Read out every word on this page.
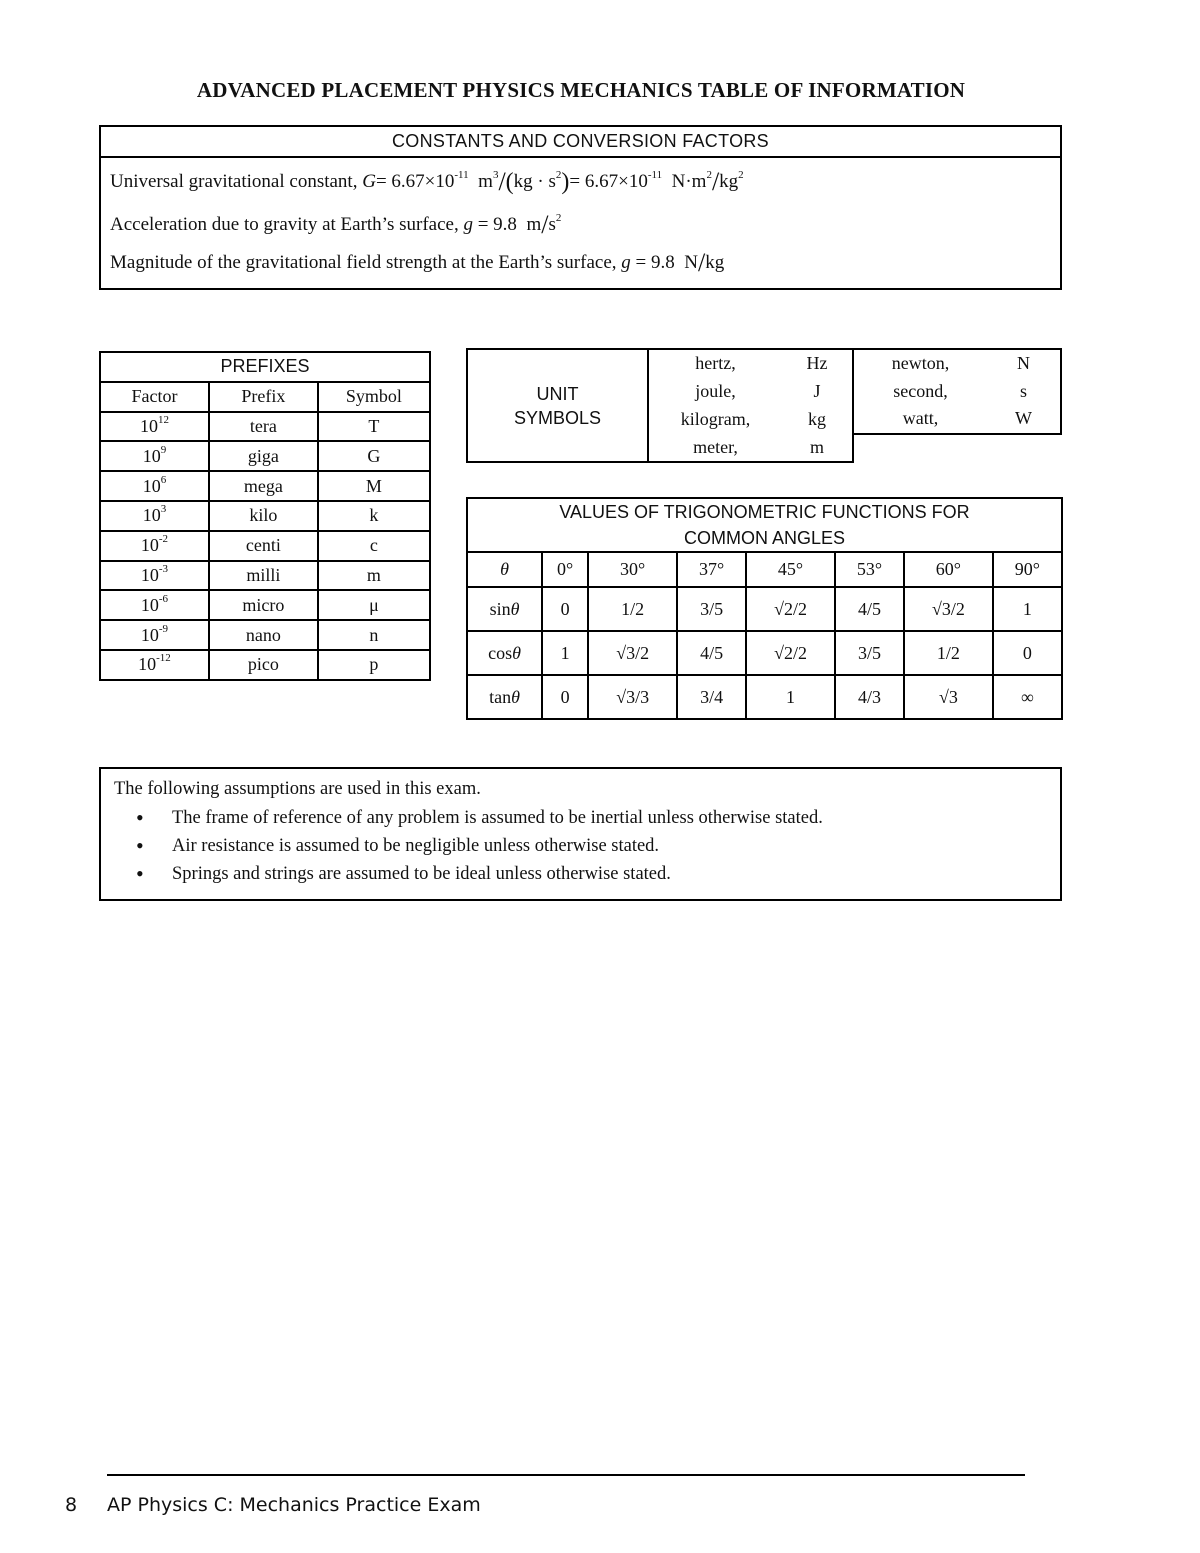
ADVANCED PLACEMENT PHYSICS MECHANICS TABLE OF INFORMATION
CONSTANTS AND CONVERSION FACTORS
Universal gravitational constant, $G= 6.67\times 10^{-11}$ $m^3/(kg \cdot s^2)= 6.67\times 10^{-11}$ $N\cdot m^2/kg^2$
Acceleration due to gravity at Earth’s surface, g = 9.8 $m/s^2$
Magnitude of the gravitational field strength at the Earth’s surface, g = 9.8 N/kg
PREFIXES		
Factor	Prefix	Symbol
$10^{12}$	tera	T
$10^9$	giga	G
$10^6$	mega	M
$10^3$	kilo	k
$10^{-2}$	centi	c
$10^{-3}$	milli	m
$10^{-6}$	micro	μ
$10^{-9}$	nano	n
$10^{-12}$	pico	p
UNIT
SYMBOLS	hertz,	Hz	newton,	N
	joule,	J	second,	s
	kilogram,	kg	watt,	W
	meter,	m		
VALUES OF TRIGONOMETRIC FUNCTIONS FOR
COMMON ANGLES							
θ	0°	30°	37°	45°	53°	60°	90°
sinθ	0	1/2	3/5	√2/2	4/5	√3/2	1
cosθ	1	√3/2	4/5	√2/2	3/5	1/2	0
tanθ	0	√3/3	3/4	1	4/3	√3	∞
The following assumptions are used in this exam.
• The frame of reference of any problem is assumed to be inertial unless otherwise stated.
• Air resistance is assumed to be negligible unless otherwise stated.
• Springs and strings are assumed to be ideal unless otherwise stated.
8 AP Physics C: Mechanics Practice Exam
